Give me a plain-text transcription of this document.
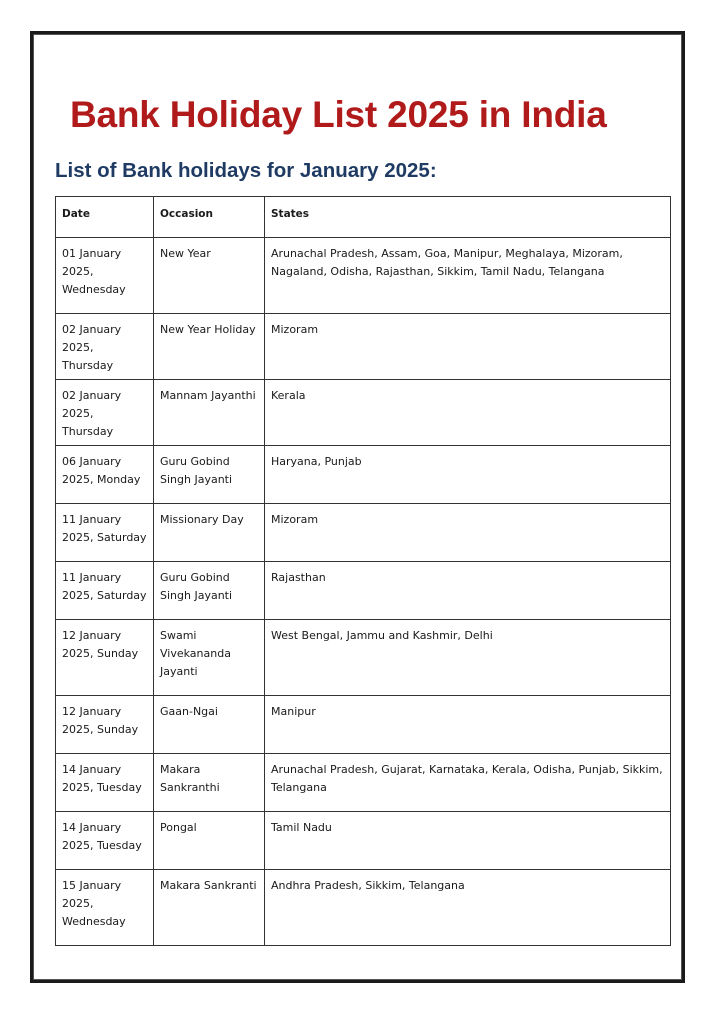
Bank Holiday List 2025 in India
List of Bank holidays for January 2025:
Date	Occasion	States
01 January 2025, Wednesday	New Year	Arunachal Pradesh, Assam, Goa, Manipur, Meghalaya, Mizoram, Nagaland, Odisha, Rajasthan, Sikkim, Tamil Nadu, Telangana
02 January 2025, Thursday	New Year Holiday	Mizoram
02 January 2025, Thursday	Mannam Jayanthi	Kerala
06 January 2025, Monday	Guru Gobind Singh Jayanti	Haryana, Punjab
11 January 2025, Saturday	Missionary Day	Mizoram
11 January 2025, Saturday	Guru Gobind Singh Jayanti	Rajasthan
12 January 2025, Sunday	Swami Vivekananda Jayanti	West Bengal, Jammu and Kashmir, Delhi
12 January 2025, Sunday	Gaan-Ngai	Manipur
14 January 2025, Tuesday	Makara Sankranthi	Arunachal Pradesh, Gujarat, Karnataka, Kerala, Odisha, Punjab, Sikkim, Telangana
14 January 2025, Tuesday	Pongal	Tamil Nadu
15 January 2025, Wednesday	Makara Sankranti	Andhra Pradesh, Sikkim, Telangana
